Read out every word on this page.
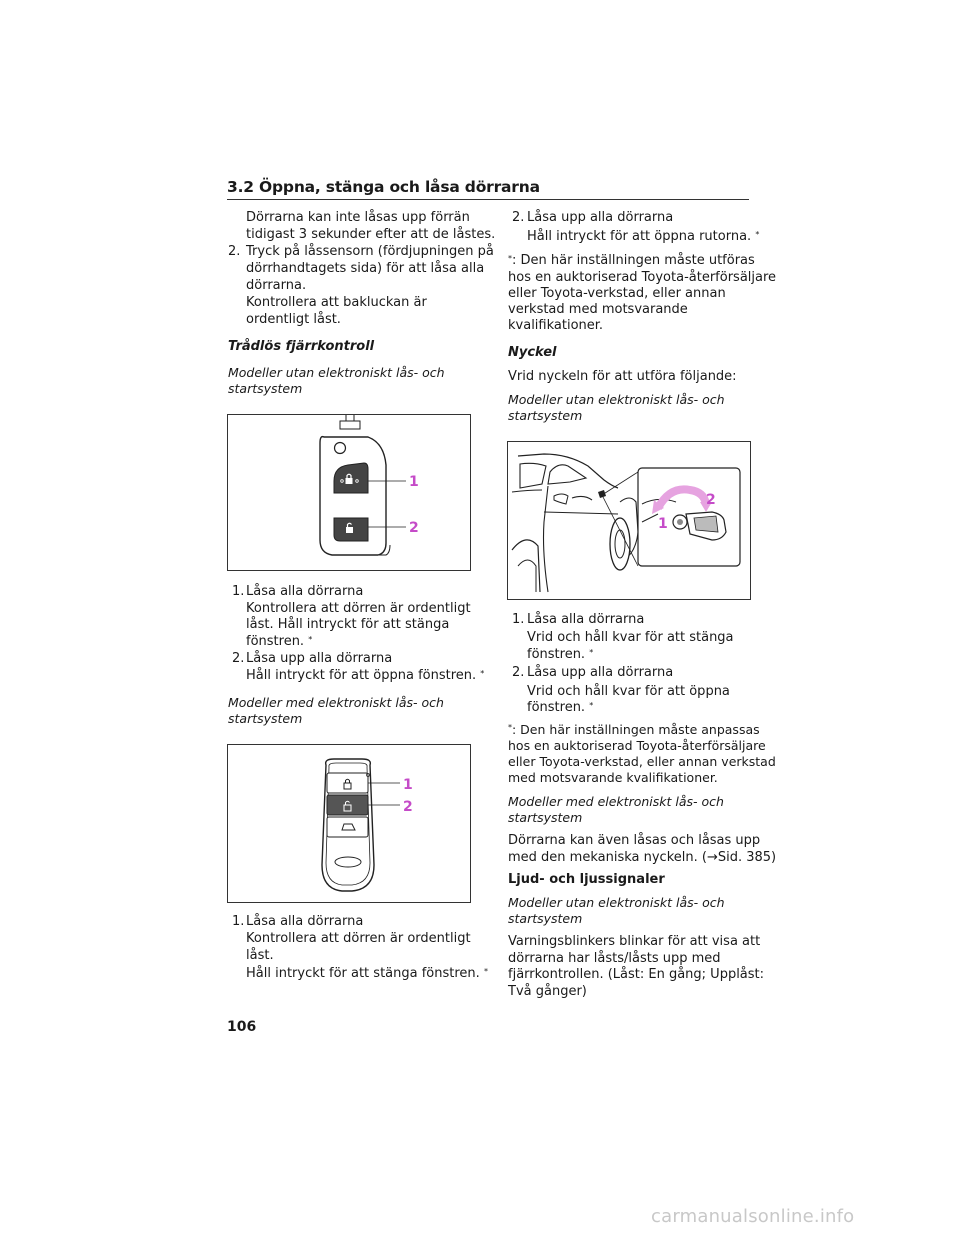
3.2 Öppna, stänga och låsa dörrarna
Dörrarna kan inte låsas upp förrän
tidigast 3 sekunder efter att de låstes.
2. Tryck på låssensorn (fördjupningen på
dörrhandtagets sida) för att låsa alla
dörrarna.
Kontrollera att bakluckan är
ordentligt låst.
Trådlös fjärrkontroll
Modeller utan elektroniskt lås- och
startsystem
1
2
1. Låsa alla dörrarna
Kontrollera att dörren är ordentligt
låst. Håll intryckt för att stänga
fönstren. *
2. Låsa upp alla dörrarna
Håll intryckt för att öppna fönstren. *
Modeller med elektroniskt lås- och
startsystem
1
2
1. Låsa alla dörrarna
Kontrollera att dörren är ordentligt
låst.
Håll intryckt för att stänga fönstren. *
2. Låsa upp alla dörrarna
Håll intryckt för att öppna rutorna. *
*: Den här inställningen måste utföras
hos en auktoriserad Toyota-återförsäljare
eller Toyota-verkstad, eller annan
verkstad med motsvarande
kvalifikationer.
Nyckel
Vrid nyckeln för att utföra följande:
Modeller utan elektroniskt lås- och
startsystem
1
2
1. Låsa alla dörrarna
Vrid och håll kvar för att stänga
fönstren. *
2. Låsa upp alla dörrarna
Vrid och håll kvar för att öppna
fönstren. *
*: Den här inställningen måste anpassas
hos en auktoriserad Toyota-återförsäljare
eller Toyota-verkstad, eller annan verkstad
med motsvarande kvalifikationer.
Modeller med elektroniskt lås- och
startsystem
Dörrarna kan även låsas och låsas upp
med den mekaniska nyckeln. (→Sid. 385)
Ljud- och ljussignaler
Modeller utan elektroniskt lås- och
startsystem
Varningsblinkers blinkar för att visa att
dörrarna har låsts/låsts upp med
fjärrkontrollen. (Låst: En gång; Upplåst:
Två gånger)
106
carmanualsonline.info
